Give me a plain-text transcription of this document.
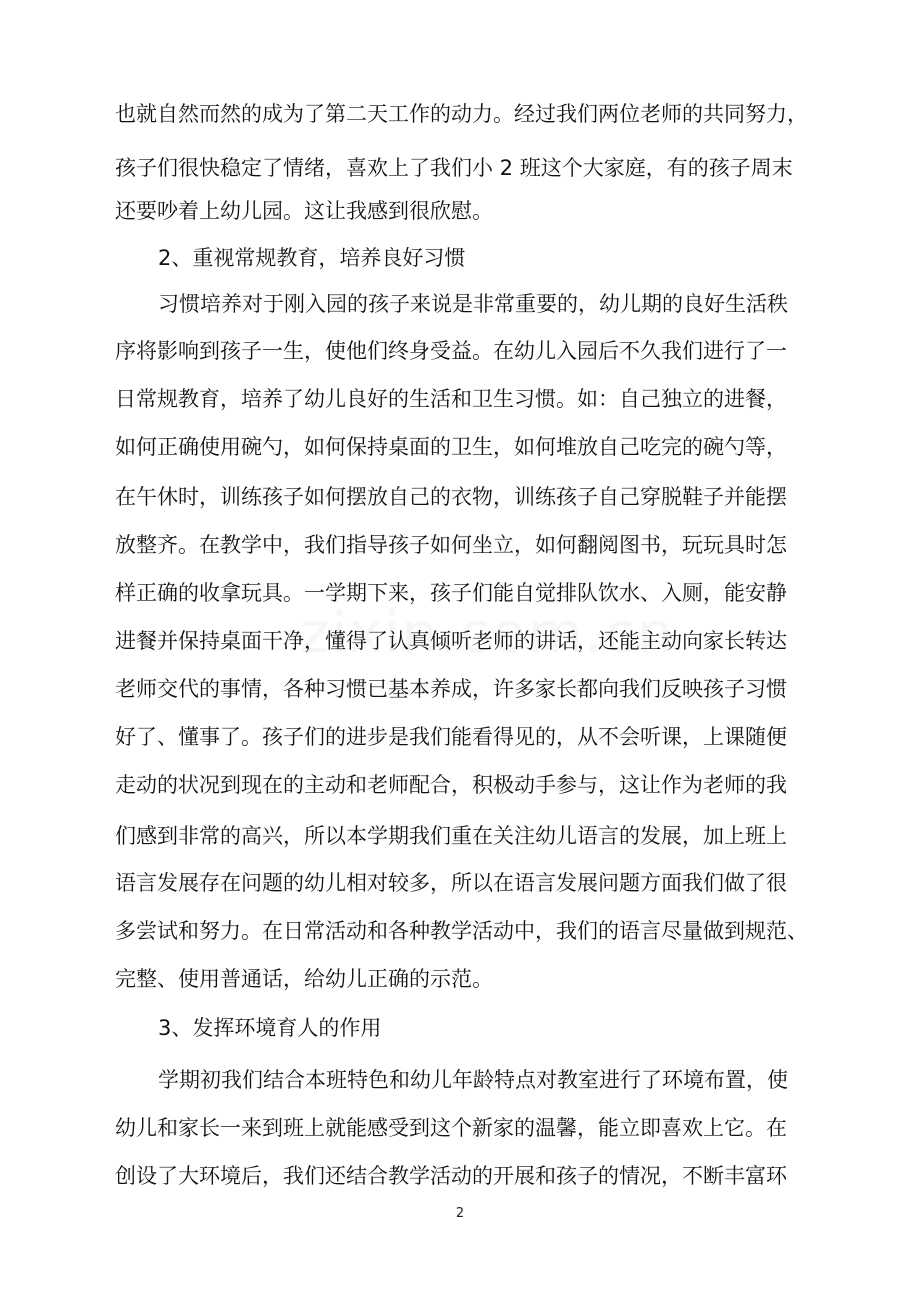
也就自然而然的成为了第二天工作的动力。经过我们两位老师的共同努力，
孩子们很快稳定了情绪，喜欢上了我们小 2 班这个大家庭，有的孩子周末
还要吵着上幼儿园。这让我感到很欣慰。
2、重视常规教育，培养良好习惯
习惯培养对于刚入园的孩子来说是非常重要的，幼儿期的良好生活秩
序将影响到孩子一生，使他们终身受益。在幼儿入园后不久我们进行了一
日常规教育，培养了幼儿良好的生活和卫生习惯。如：自己独立的进餐，
如何正确使用碗勺，如何保持桌面的卫生，如何堆放自己吃完的碗勺等，
在午休时，训练孩子如何摆放自己的衣物，训练孩子自己穿脱鞋子并能摆
放整齐。在教学中，我们指导孩子如何坐立，如何翻阅图书，玩玩具时怎
样正确的收拿玩具。一学期下来，孩子们能自觉排队饮水、入厕，能安静
进餐并保持桌面干净，懂得了认真倾听老师的讲话，还能主动向家长转达
老师交代的事情，各种习惯已基本养成，许多家长都向我们反映孩子习惯
好了、懂事了。孩子们的进步是我们能看得见的，从不会听课，上课随便
走动的状况到现在的主动和老师配合，积极动手参与，这让作为老师的我
们感到非常的高兴，所以本学期我们重在关注幼儿语言的发展，加上班上
语言发展存在问题的幼儿相对较多，所以在语言发展问题方面我们做了很
多尝试和努力。在日常活动和各种教学活动中，我们的语言尽量做到规范、
完整、使用普通话，给幼儿正确的示范。
3、发挥环境育人的作用
学期初我们结合本班特色和幼儿年龄特点对教室进行了环境布置，使
幼儿和家长一来到班上就能感受到这个新家的温馨，能立即喜欢上它。在
创设了大环境后，我们还结合教学活动的开展和孩子的情况，不断丰富环
2
